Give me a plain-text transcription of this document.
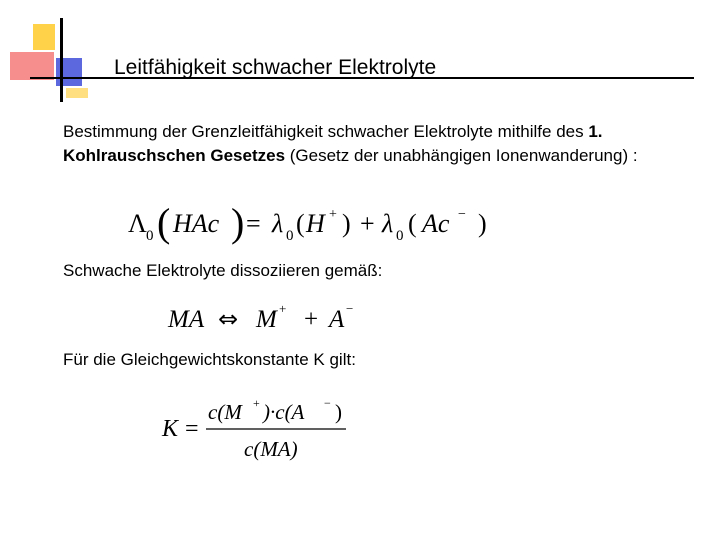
Leitfähigkeit schwacher Elektrolyte
Bestimmung der Grenzleitfähigkeit schwacher Elektrolyte mithilfe des 1. Kohlrauschschen Gesetzes (Gesetz der unabhängigen Ionenwanderung) :
Λ 0 ( HAc ) = λ 0 ( H + ) + λ 0 ( Ac − )
Schwache Elektrolyte dissoziieren gemäß:
MA ⇔ M + + A −
Für die Gleichgewichtskonstante K gilt:
K =
c(M + )·c(A − )
c(MA)
